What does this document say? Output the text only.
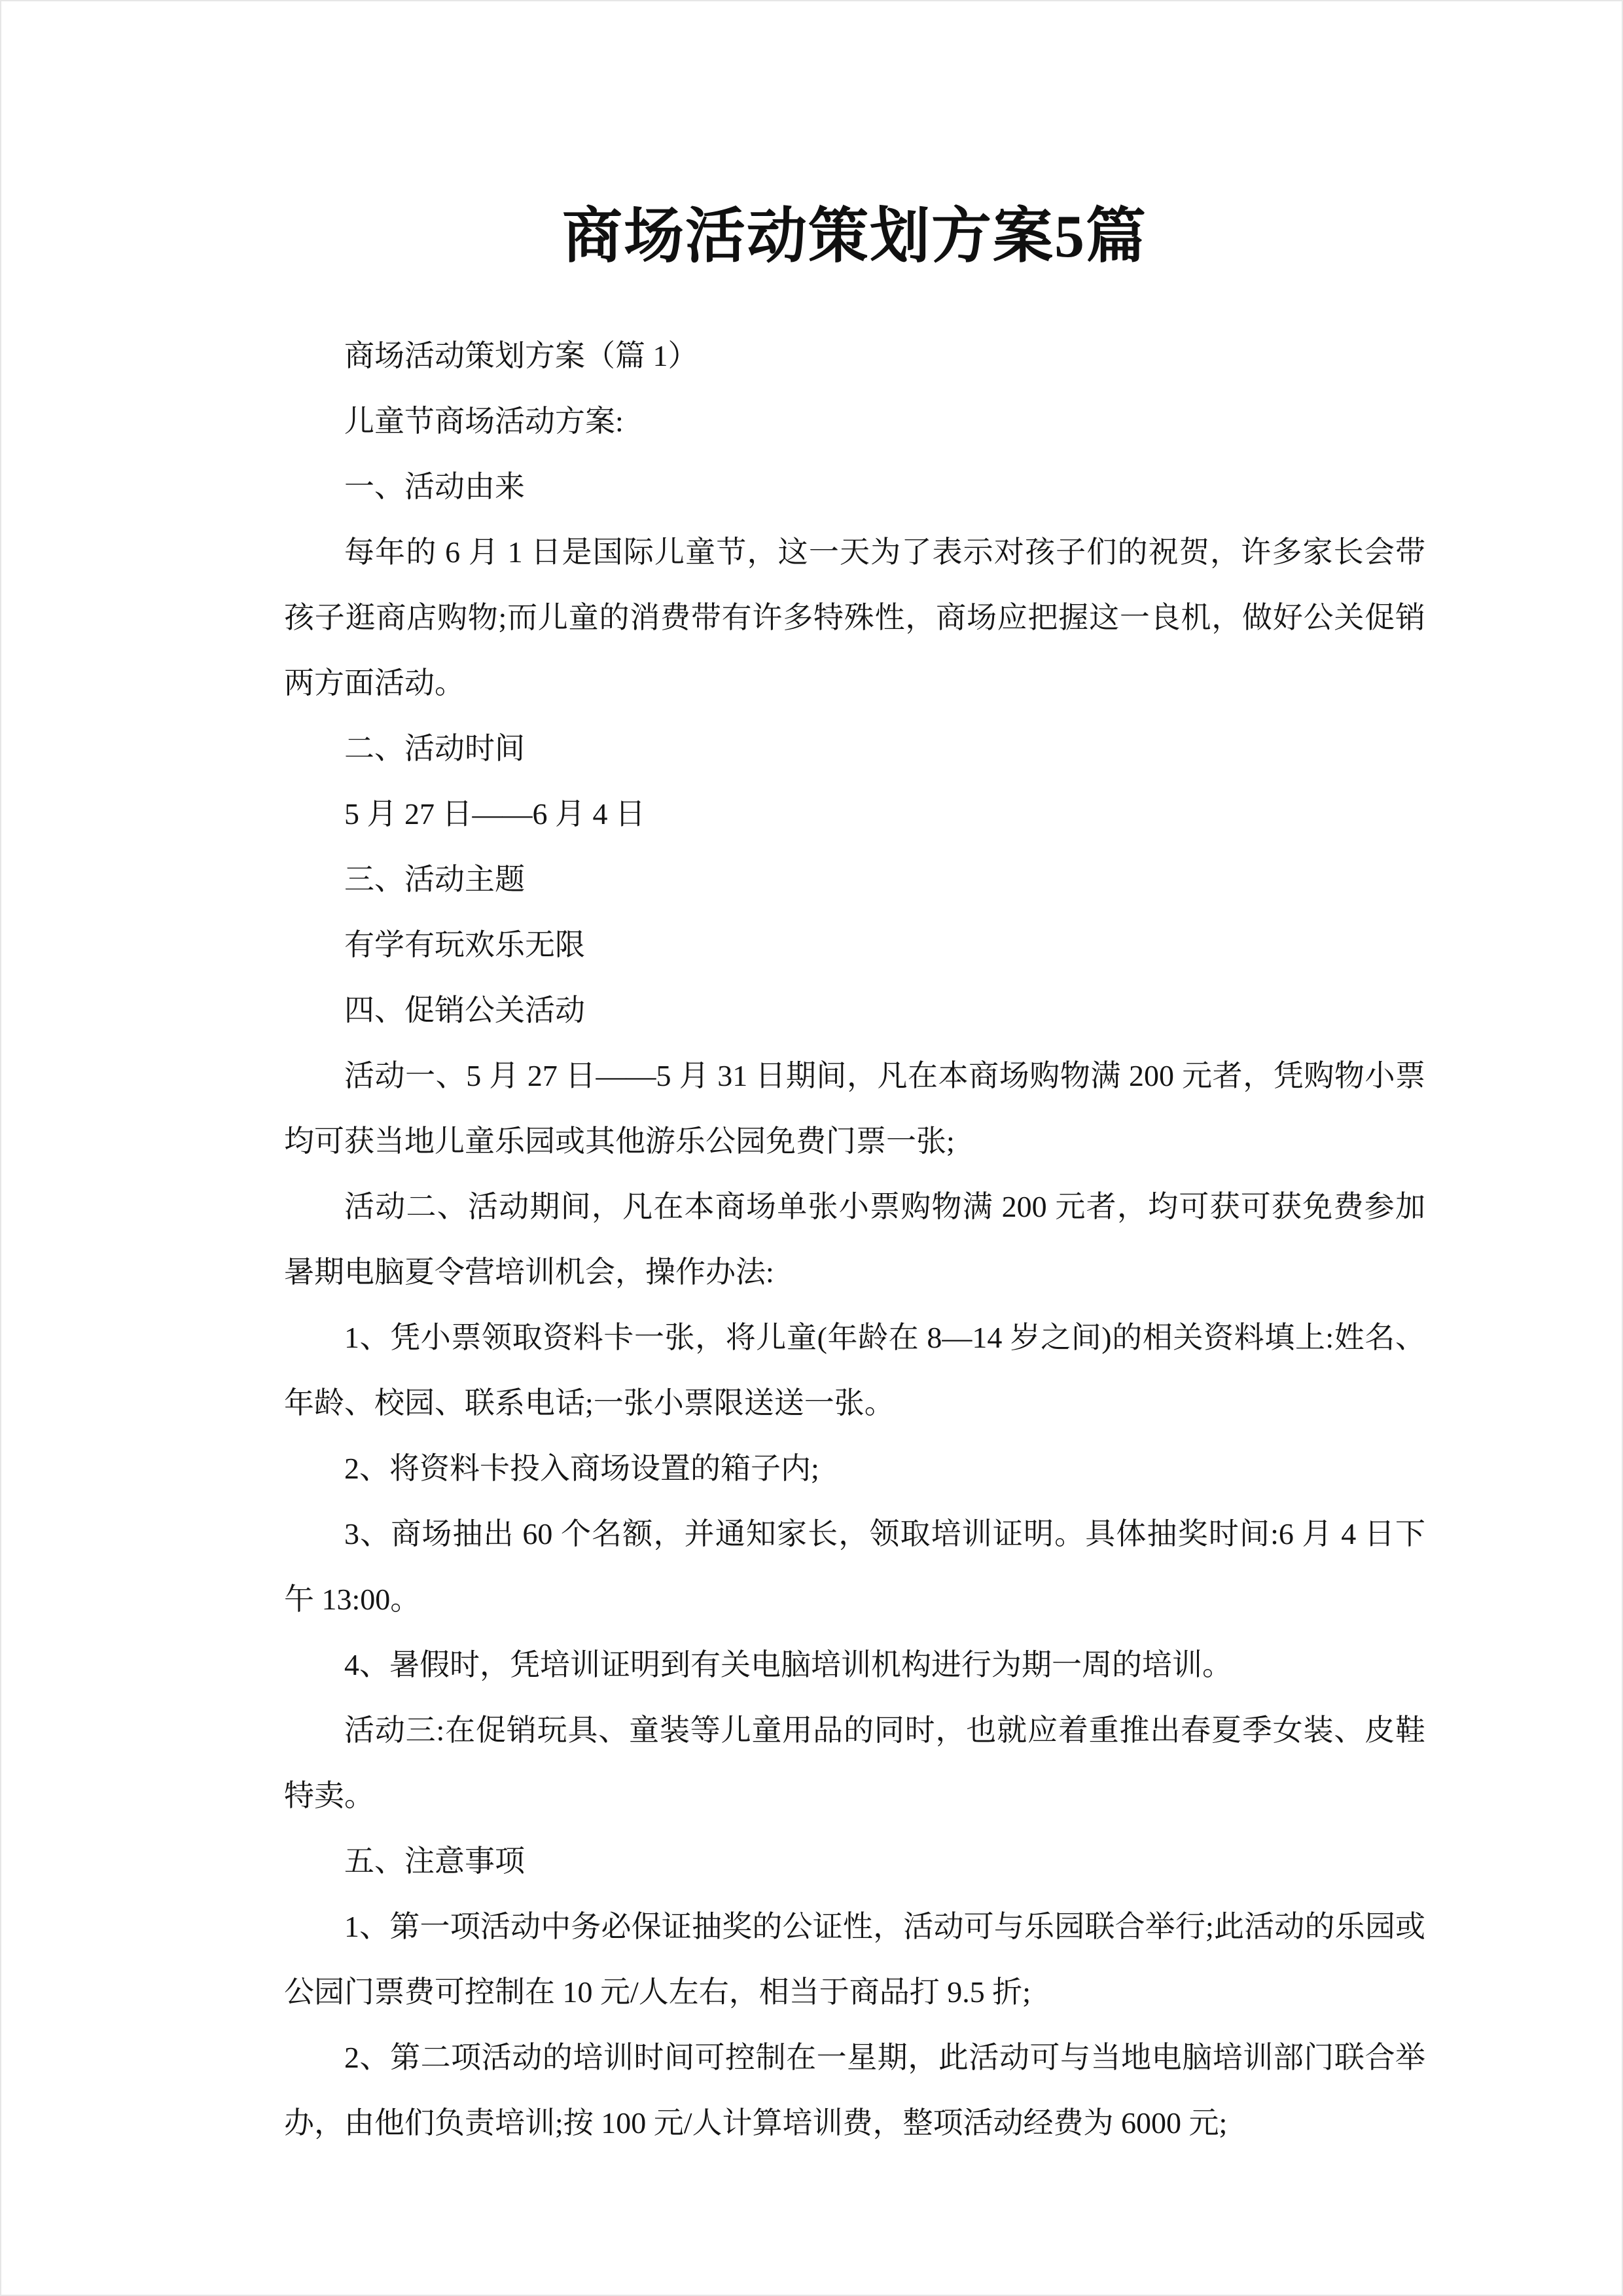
商场活动策划方案5篇

商场活动策划方案（篇 1）

儿童节商场活动方案:

一、活动由来

每年的 6 月 1 日是国际儿童节，这一天为了表示对孩子们的祝贺，许多家长会带孩子逛商店购物;而儿童的消费带有许多特殊性，商场应把握这一良机，做好公关促销两方面活动。

二、活动时间

5 月 27 日——6 月 4 日

三、活动主题

有学有玩欢乐无限

四、促销公关活动

活动一、5 月 27 日——5 月 31 日期间，凡在本商场购物满 200 元者，凭购物小票均可获当地儿童乐园或其他游乐公园免费门票一张;

活动二、活动期间，凡在本商场单张小票购物满 200 元者，均可获可获免费参加暑期电脑夏令营培训机会，操作办法:

1、凭小票领取资料卡一张，将儿童(年龄在 8—14 岁之间)的相关资料填上:姓名、年龄、校园、联系电话;一张小票限送送一张。

2、将资料卡投入商场设置的箱子内;

3、商场抽出 60 个名额，并通知家长，领取培训证明。具体抽奖时间:6 月 4 日下午 13:00。

4、暑假时，凭培训证明到有关电脑培训机构进行为期一周的培训。

活动三:在促销玩具、童装等儿童用品的同时，也就应着重推出春夏季女装、皮鞋特卖。

五、注意事项

1、第一项活动中务必保证抽奖的公证性，活动可与乐园联合举行;此活动的乐园或公园门票费可控制在 10 元/人左右，相当于商品打 9.5 折;

2、第二项活动的培训时间可控制在一星期，此活动可与当地电脑培训部门联合举办，由他们负责培训;按 100 元/人计算培训费，整项活动经费为 6000 元;
